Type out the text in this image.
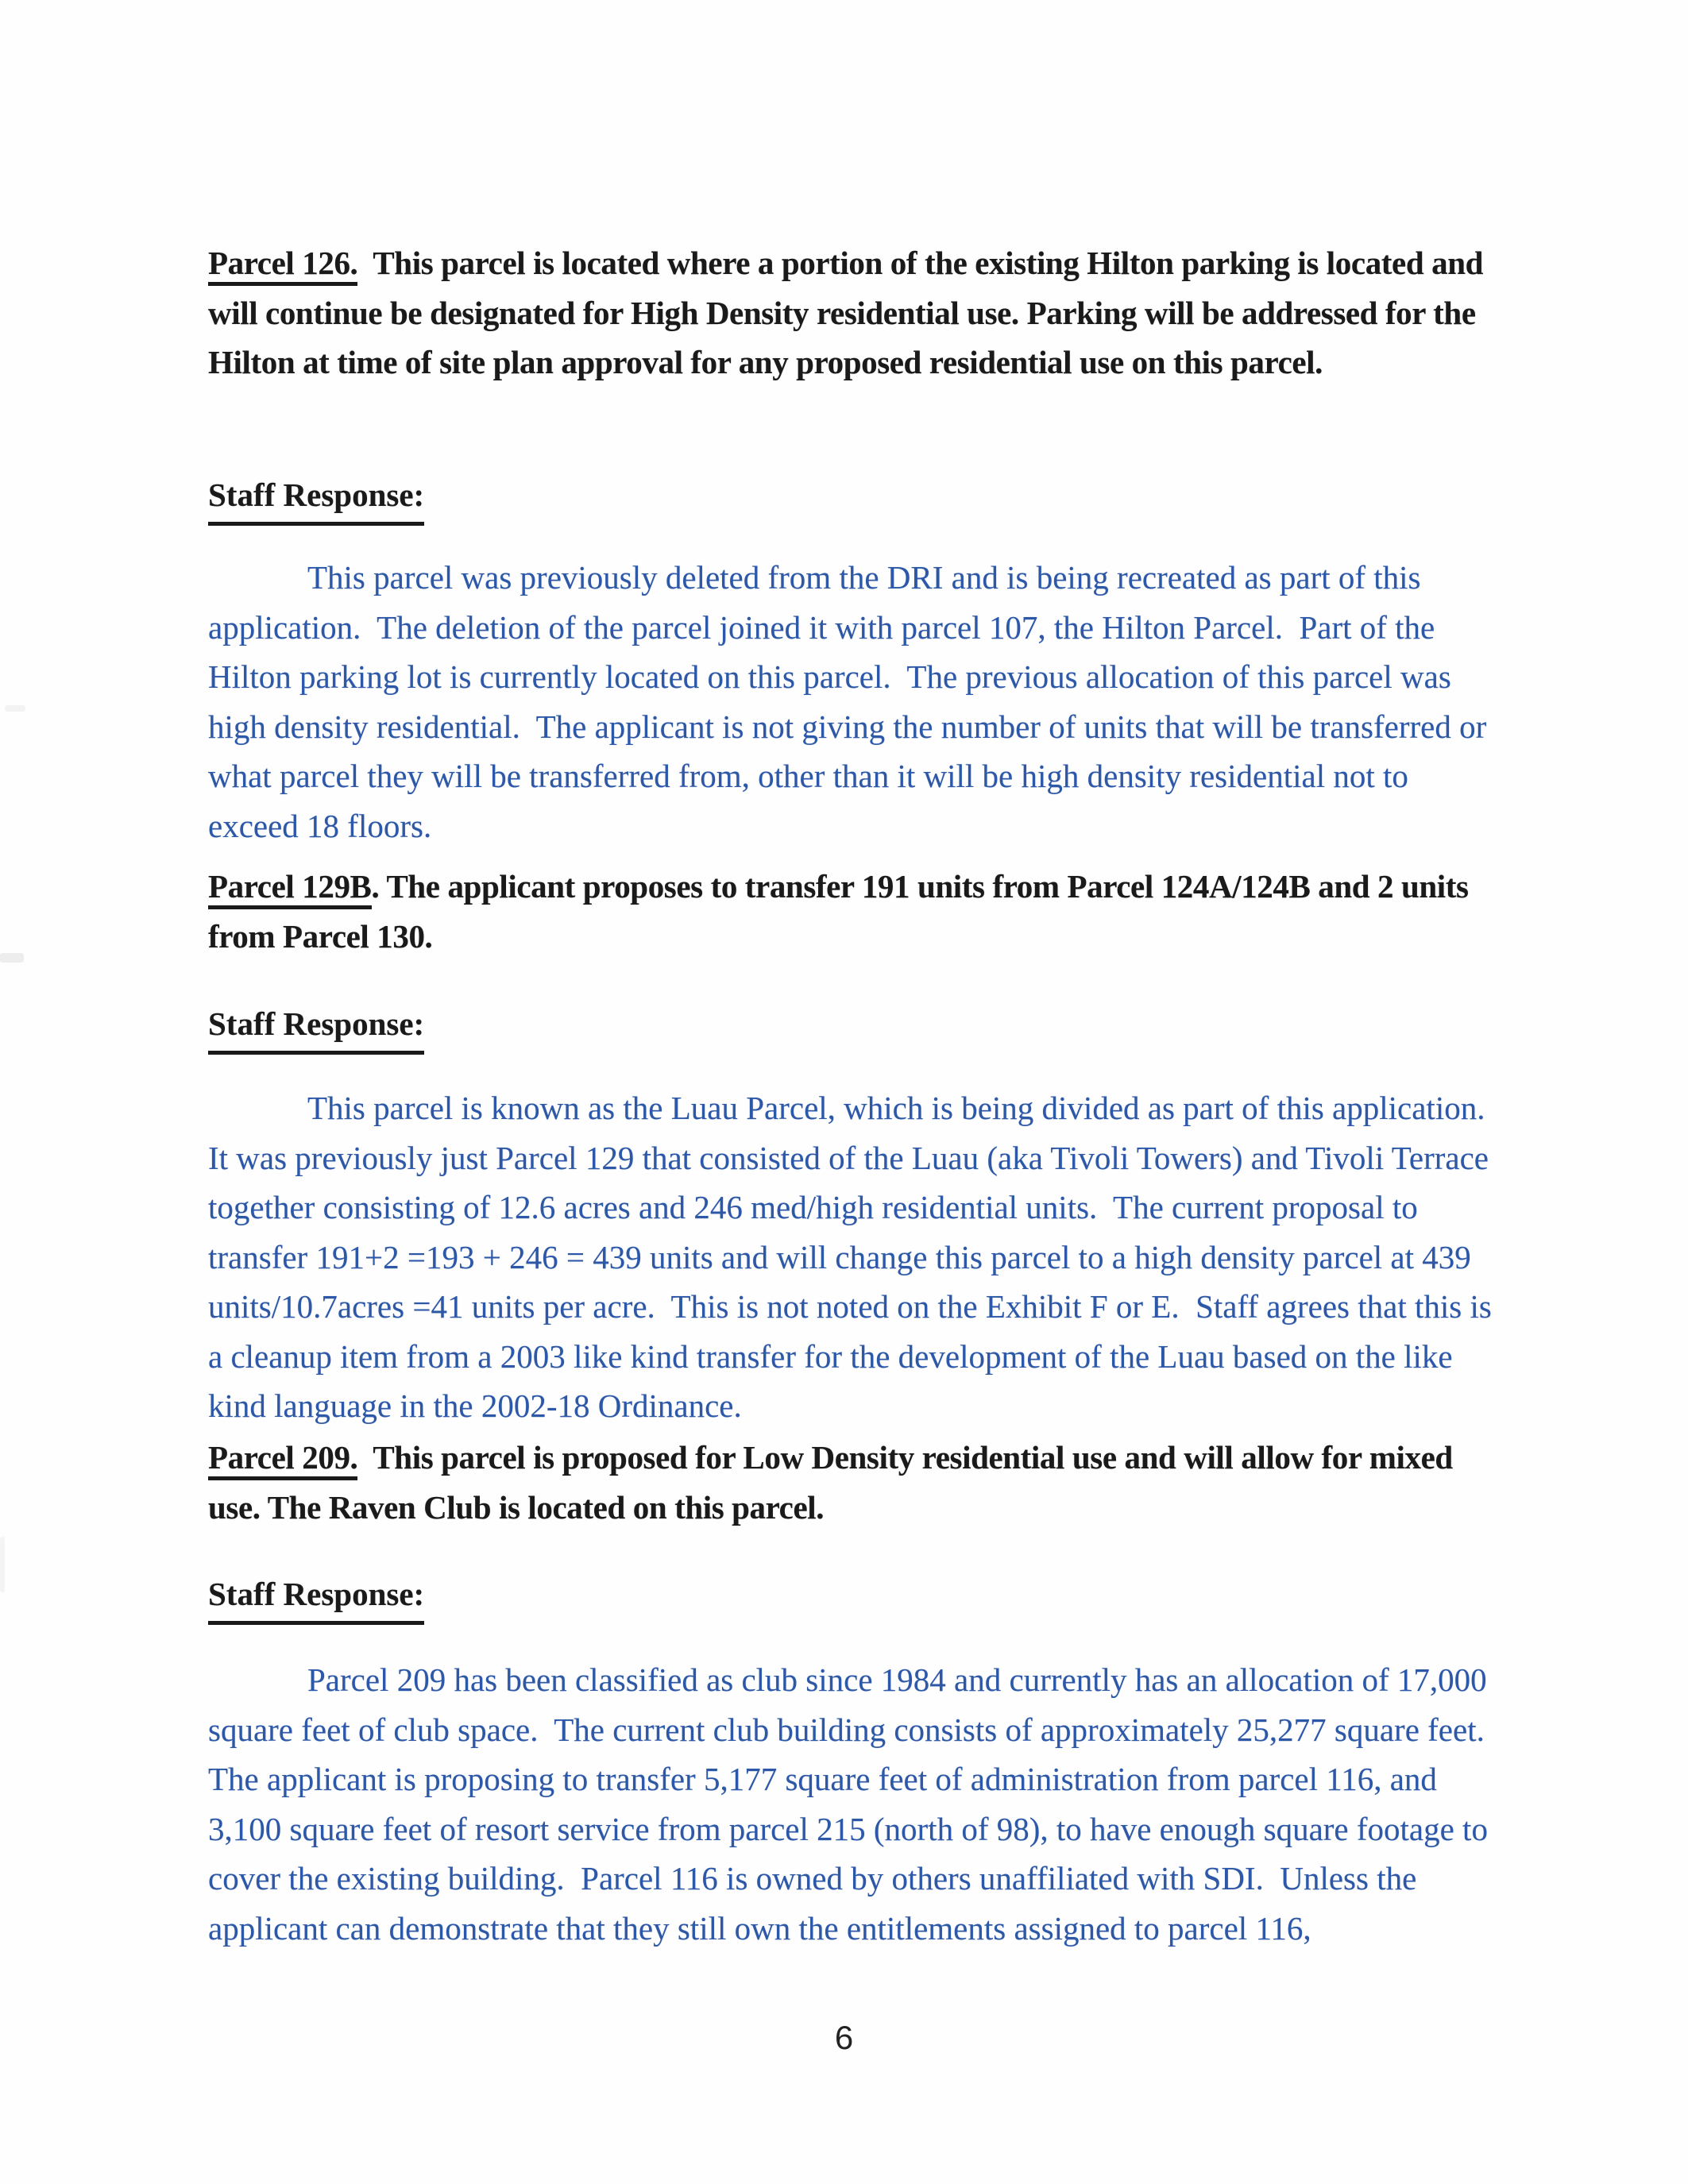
Parcel 126.  This parcel is located where a portion of the existing Hilton parking is located and will continue be designated for High Density residential use. Parking will be addressed for the Hilton at time of site plan approval for any proposed residential use on this parcel.

Staff Response:

This parcel was previously deleted from the DRI and is being recreated as part of this application.  The deletion of the parcel joined it with parcel 107, the Hilton Parcel.  Part of the Hilton parking lot is currently located on this parcel.  The previous allocation of this parcel was high density residential.  The applicant is not giving the number of units that will be transferred or what parcel they will be transferred from, other than it will be high density residential not to exceed 18 floors.

Parcel 129B. The applicant proposes to transfer 191 units from Parcel 124A/124B and 2 units from Parcel 130.

Staff Response:

This parcel is known as the Luau Parcel, which is being divided as part of this application.  It was previously just Parcel 129 that consisted of the Luau (aka Tivoli Towers) and Tivoli Terrace together consisting of 12.6 acres and 246 med/high residential units.  The current proposal to transfer 191+2 =193 + 246 = 439 units and will change this parcel to a high density parcel at 439 units/10.7acres =41 units per acre.  This is not noted on the Exhibit F or E.  Staff agrees that this is a cleanup item from a 2003 like kind transfer for the development of the Luau based on the like kind language in the 2002-18 Ordinance.

Parcel 209.  This parcel is proposed for Low Density residential use and will allow for mixed use. The Raven Club is located on this parcel.

Staff Response:

Parcel 209 has been classified as club since 1984 and currently has an allocation of 17,000 square feet of club space.  The current club building consists of approximately 25,277 square feet. The applicant is proposing to transfer 5,177 square feet of administration from parcel 116, and 3,100 square feet of resort service from parcel 215 (north of 98), to have enough square footage to cover the existing building.  Parcel 116 is owned by others unaffiliated with SDI.  Unless the applicant can demonstrate that they still own the entitlements assigned to parcel 116,

6
